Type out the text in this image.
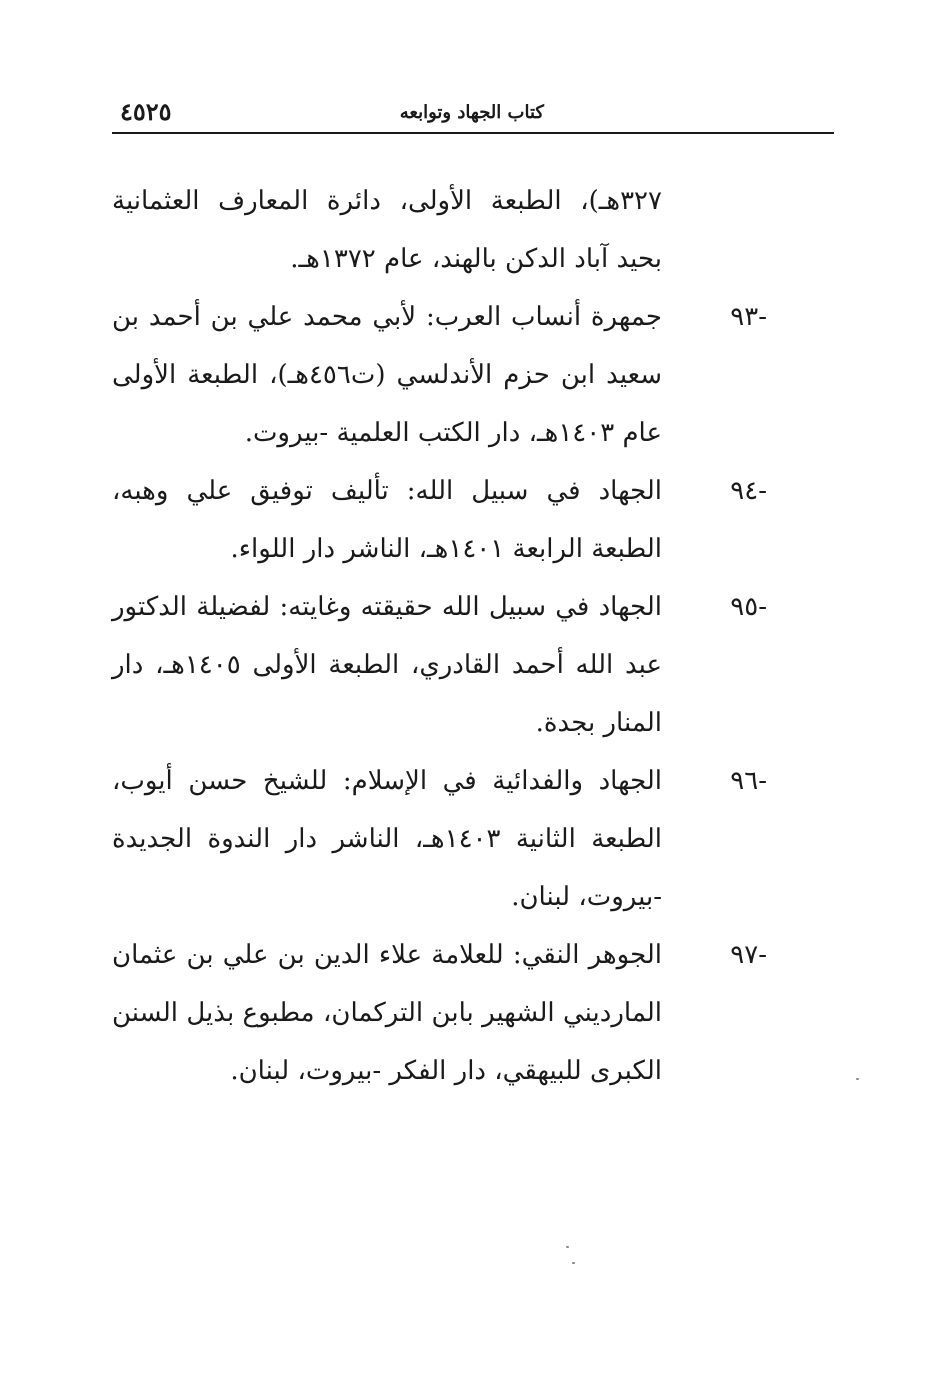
٤٥٢٥	كتاب الجهاد وتوابعه

٣٢٧هـ)، الطبعة الأولى، دائرة المعارف العثمانية بحيد آباد الدكن بالهند، عام ١٣٧٢هـ.

-٩٣

جمهرة أنساب العرب: لأبي محمد علي بن أحمد بن سعيد ابن حزم الأندلسي (ت٤٥٦هـ)، الطبعة الأولى عام ١٤٠٣هـ، دار الكتب العلمية -بيروت.

-٩٤

الجهاد في سبيل الله: تأليف توفيق علي وهبه، الطبعة الرابعة ١٤٠١هـ، الناشر دار اللواء.

-٩٥

الجهاد في سبيل الله حقيقته وغايته: لفضيلة الدكتور عبد الله أحمد القادري، الطبعة الأولى ١٤٠٥هـ، دار المنار بجدة.

-٩٦

الجهاد والفدائية في الإسلام: للشيخ حسن أيوب، الطبعة الثانية ١٤٠٣هـ، الناشر دار الندوة الجديدة -بيروت، لبنان.

-٩٧

الجوهر النقي: للعلامة علاء الدين بن علي بن عثمان المارديني الشهير بابن التركمان، مطبوع بذيل السنن الكبرى للبيهقي، دار الفكر -بيروت، لبنان.
